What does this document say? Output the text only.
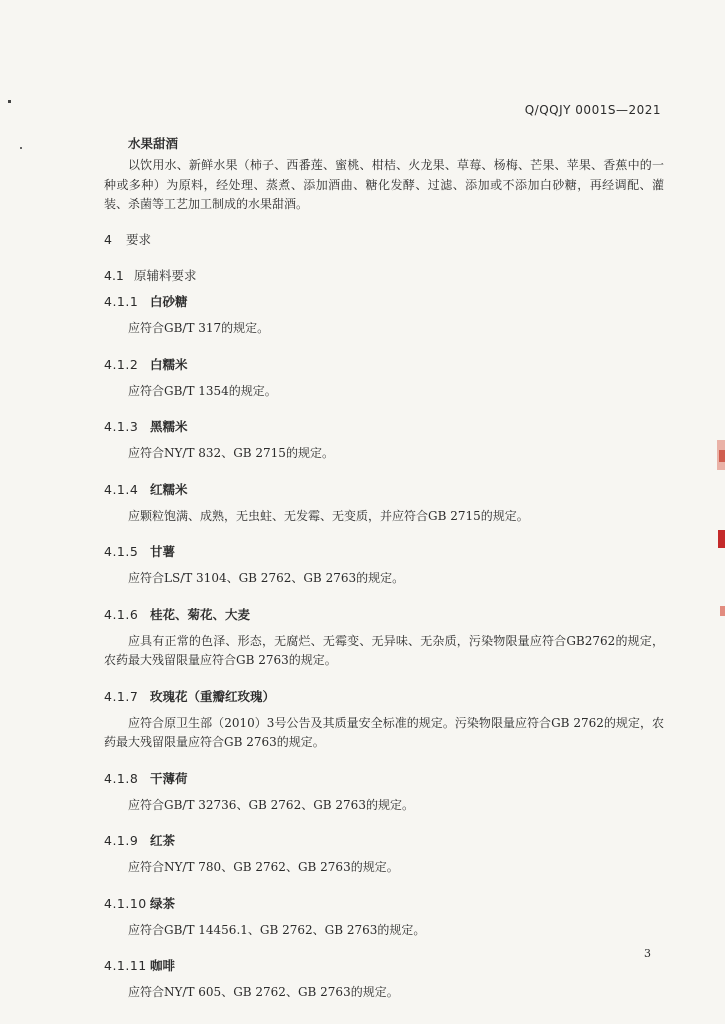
Q/QQJY 0001S—2021
水果甜酒
以饮用水、新鲜水果（柿子、西番莲、蜜桃、柑桔、火龙果、草莓、杨梅、芒果、苹果、香蕉中的一种或多种）为原料，经处理、蒸煮、添加酒曲、糖化发酵、过滤、添加或不添加白砂糖，再经调配、灌装、杀菌等工艺加工制成的水果甜酒。
4 要求
4.1 原辅料要求
4.1.1 白砂糖
应符合GB/T 317的规定。
4.1.2 白糯米
应符合GB/T 1354的规定。
4.1.3 黑糯米
应符合NY/T 832、GB 2715的规定。
4.1.4 红糯米
应颗粒饱满、成熟，无虫蛀、无发霉、无变质，并应符合GB 2715的规定。
4.1.5 甘薯
应符合LS/T 3104、GB 2762、GB 2763的规定。
4.1.6 桂花、菊花、大麦
应具有正常的色泽、形态，无腐烂、无霉变、无异味、无杂质，污染物限量应符合GB2762的规定，农药最大残留限量应符合GB 2763的规定。
4.1.7 玫瑰花（重瓣红玫瑰）
应符合原卫生部（2010）3号公告及其质量安全标准的规定。污染物限量应符合GB 2762的规定，农药最大残留限量应符合GB 2763的规定。
4.1.8 干薄荷
应符合GB/T 32736、GB 2762、GB 2763的规定。
4.1.9 红茶
应符合NY/T 780、GB 2762、GB 2763的规定。
4.1.10 绿茶
应符合GB/T 14456.1、GB 2762、GB 2763的规定。
4.1.11 咖啡
应符合NY/T 605、GB 2762、GB 2763的规定。
3
